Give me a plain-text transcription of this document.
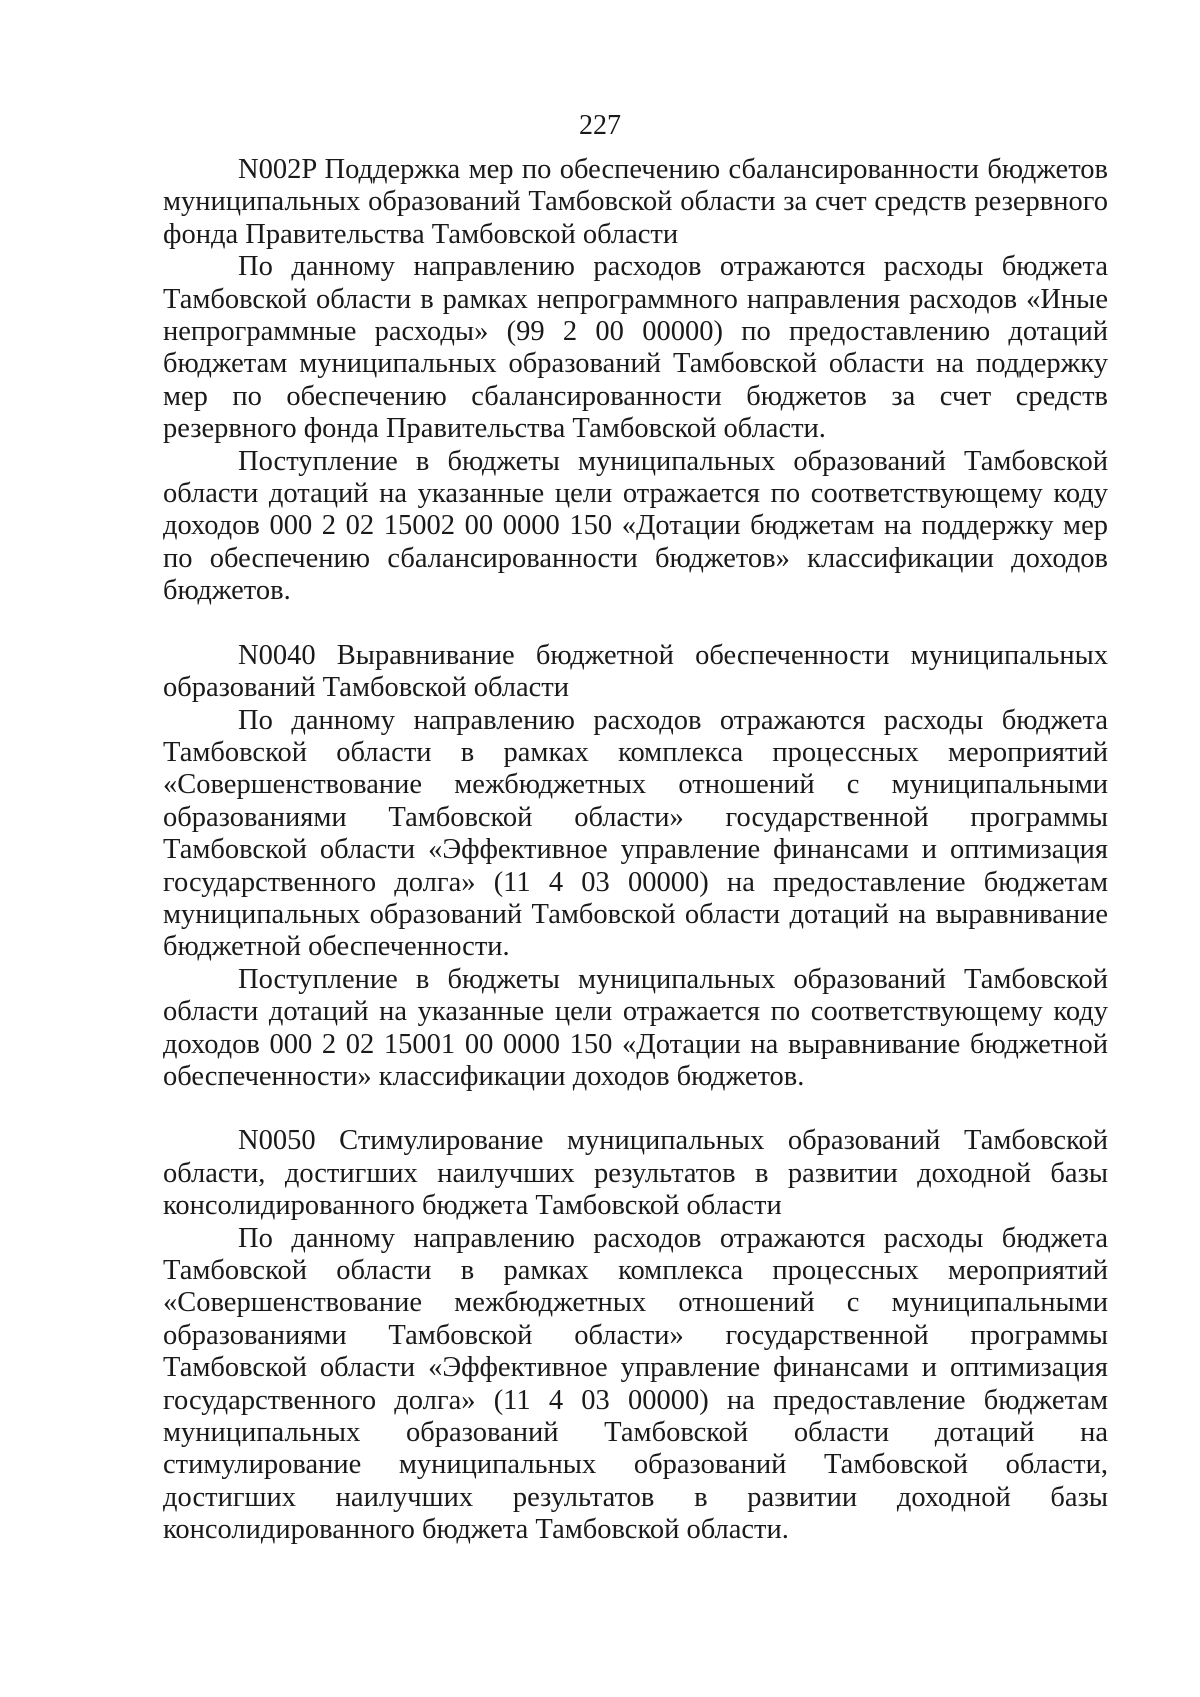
227

N002P Поддержка мер по обеспечению сбалансированности бюджетов муниципальных образований Тамбовской области за счет средств резервного фонда Правительства Тамбовской области

По данному направлению расходов отражаются расходы бюджета Тамбовской области в рамках непрограммного направления расходов «Иные непрограммные расходы» (99 2 00 00000) по предоставлению дотаций бюджетам муниципальных образований Тамбовской области на поддержку мер по обеспечению сбалансированности бюджетов за счет средств резервного фонда Правительства Тамбовской области.

Поступление в бюджеты муниципальных образований Тамбовской области дотаций на указанные цели отражается по соответствующему коду доходов 000 2 02 15002 00 0000 150 «Дотации бюджетам на поддержку мер по обеспечению сбалансированности бюджетов» классификации доходов бюджетов.

N0040 Выравнивание бюджетной обеспеченности муниципальных образований Тамбовской области

По данному направлению расходов отражаются расходы бюджета Тамбовской области в рамках комплекса процессных мероприятий «Совершенствование межбюджетных отношений с муниципальными образованиями Тамбовской области» государственной программы Тамбовской области «Эффективное управление финансами и оптимизация государственного долга» (11 4 03 00000) на предоставление бюджетам муниципальных образований Тамбовской области дотаций на выравнивание бюджетной обеспеченности.

Поступление в бюджеты муниципальных образований Тамбовской области дотаций на указанные цели отражается по соответствующему коду доходов 000 2 02 15001 00 0000 150 «Дотации на выравнивание бюджетной обеспеченности» классификации доходов бюджетов.

N0050 Стимулирование муниципальных образований Тамбовской области, достигших наилучших результатов в развитии доходной базы консолидированного бюджета Тамбовской области

По данному направлению расходов отражаются расходы бюджета Тамбовской области в рамках комплекса процессных мероприятий «Совершенствование межбюджетных отношений с муниципальными образованиями Тамбовской области» государственной программы Тамбовской области «Эффективное управление финансами и оптимизация государственного долга» (11 4 03 00000) на предоставление бюджетам муниципальных образований Тамбовской области дотаций на стимулирование муниципальных образований Тамбовской области, достигших наилучших результатов в развитии доходной базы консолидированного бюджета Тамбовской области.
